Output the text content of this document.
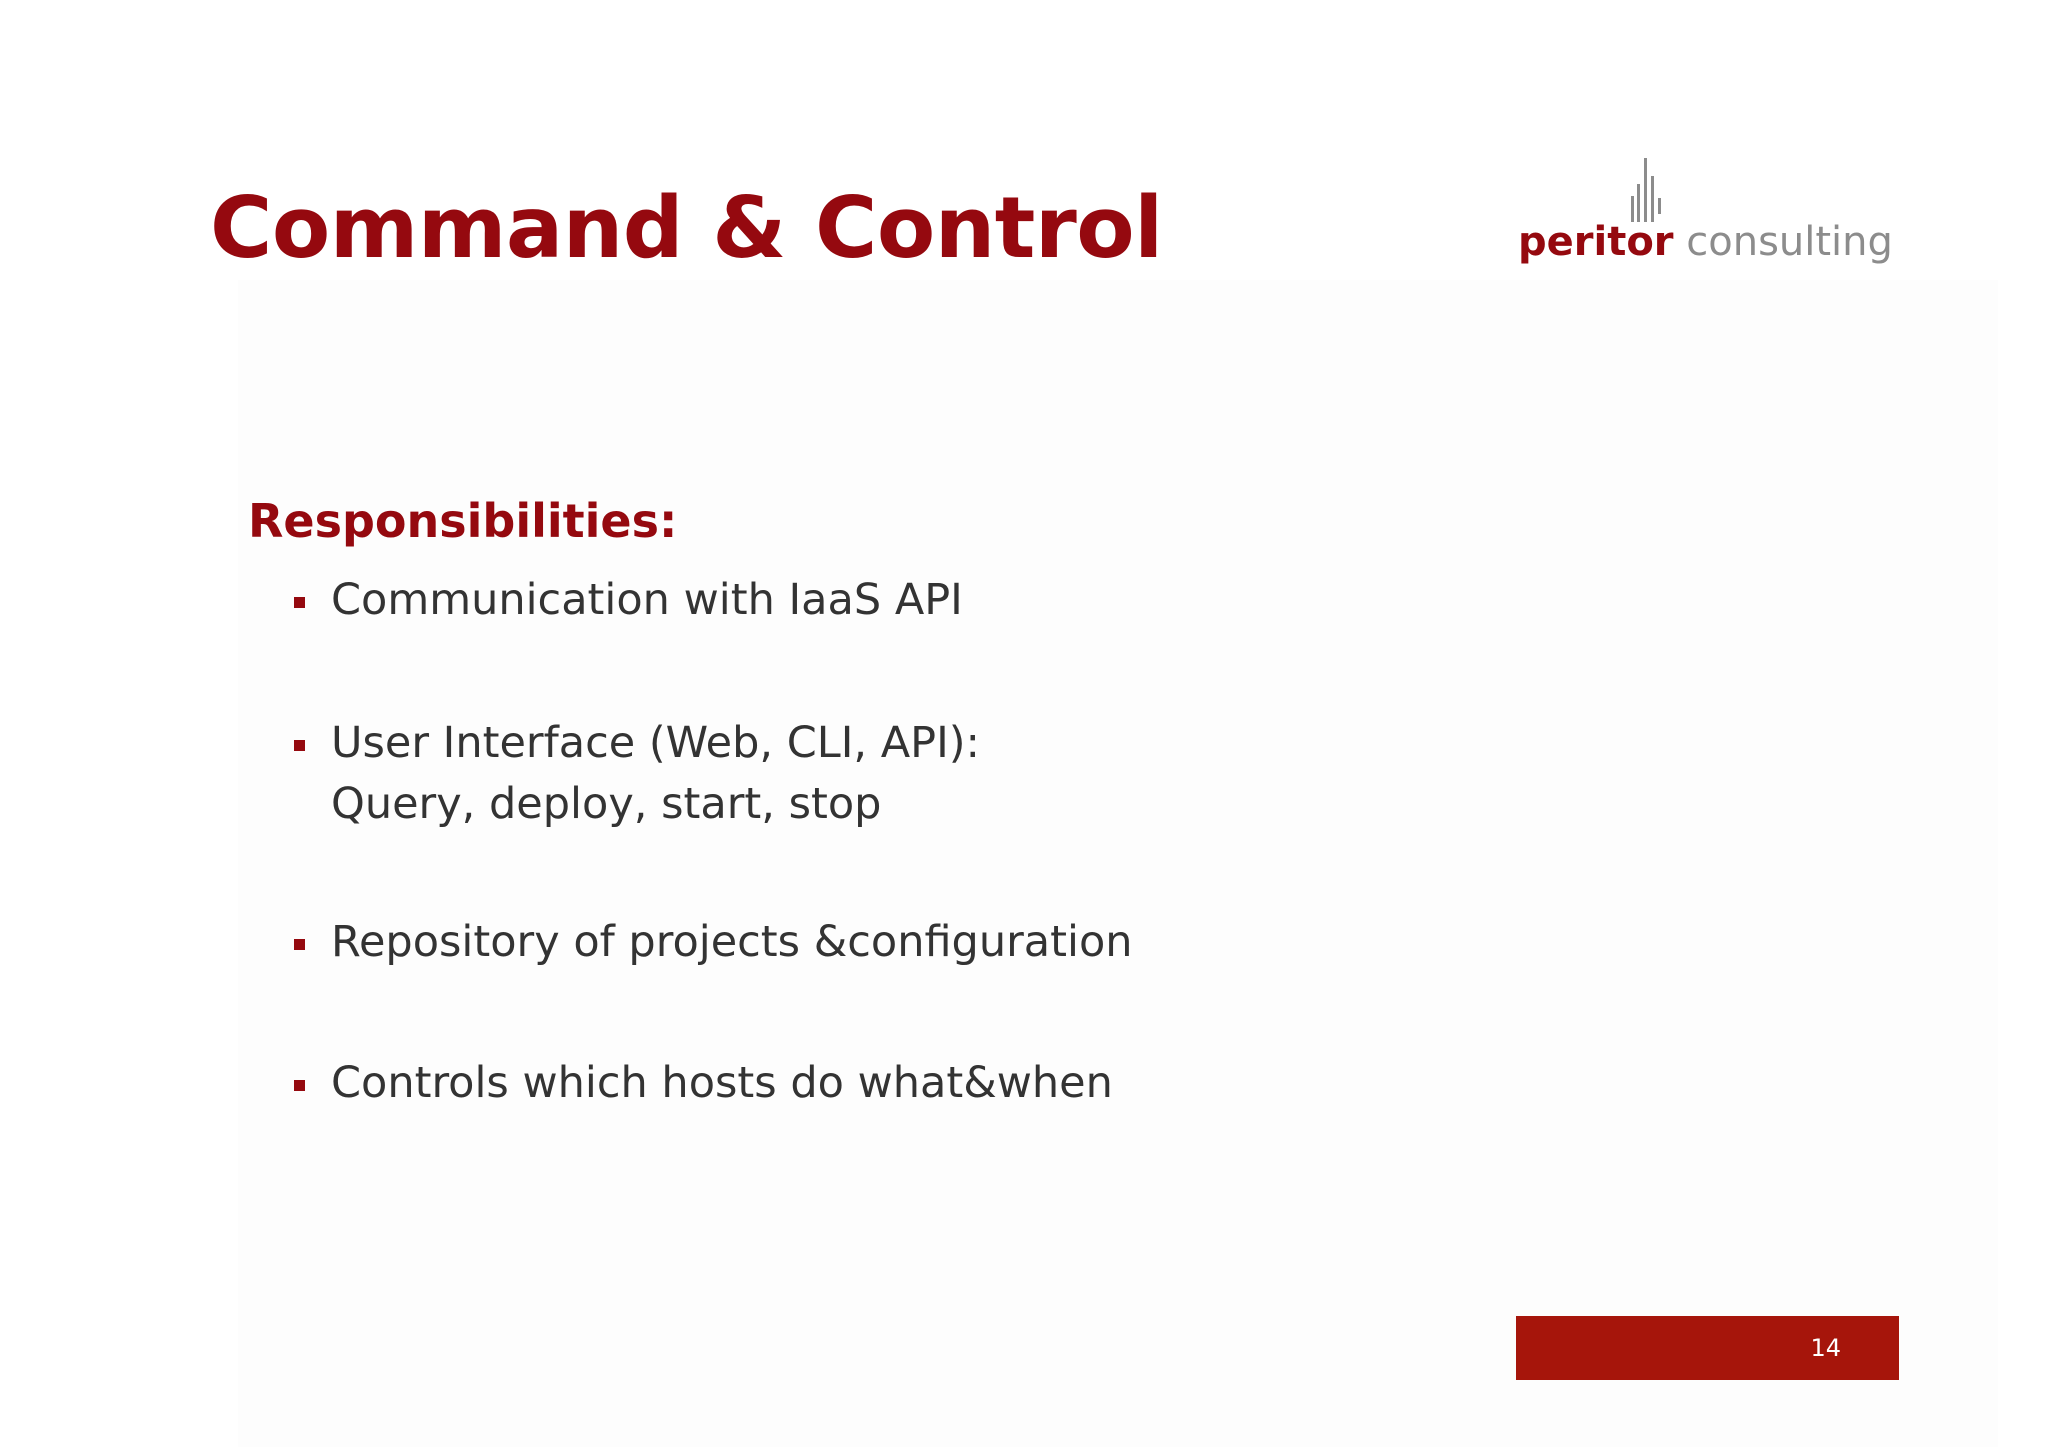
Command & Control	peritor consulting
Responsibilities:
Communication with IaaS API
User Interface (Web, CLI, API):
Query, deploy, start, stop
Repository of projects &configuration
Controls which hosts do what&when
14
